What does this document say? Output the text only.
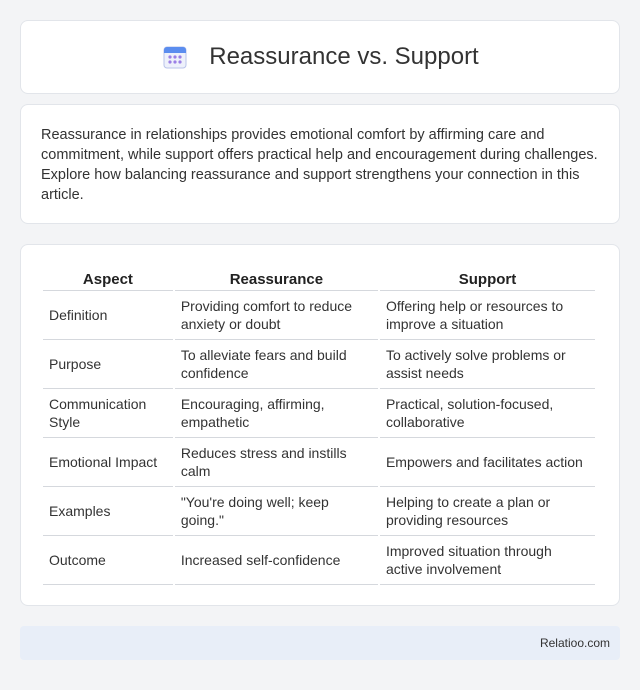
Reassurance vs. Support

Reassurance in relationships provides emotional comfort by affirming care and commitment, while support offers practical help and encouragement during challenges. Explore how balancing reassurance and support strengthens your connection in this article.

Aspect	Reassurance	Support
Definition	Providing comfort to reduce anxiety or doubt	Offering help or resources to improve a situation
Purpose	To alleviate fears and build confidence	To actively solve problems or assist needs
Communication Style	Encouraging, affirming, empathetic	Practical, solution-focused, collaborative
Emotional Impact	Reduces stress and instills calm	Empowers and facilitates action
Examples	"You're doing well; keep going."	Helping to create a plan or providing resources
Outcome	Increased self-confidence	Improved situation through active involvement
Relatioo.com
